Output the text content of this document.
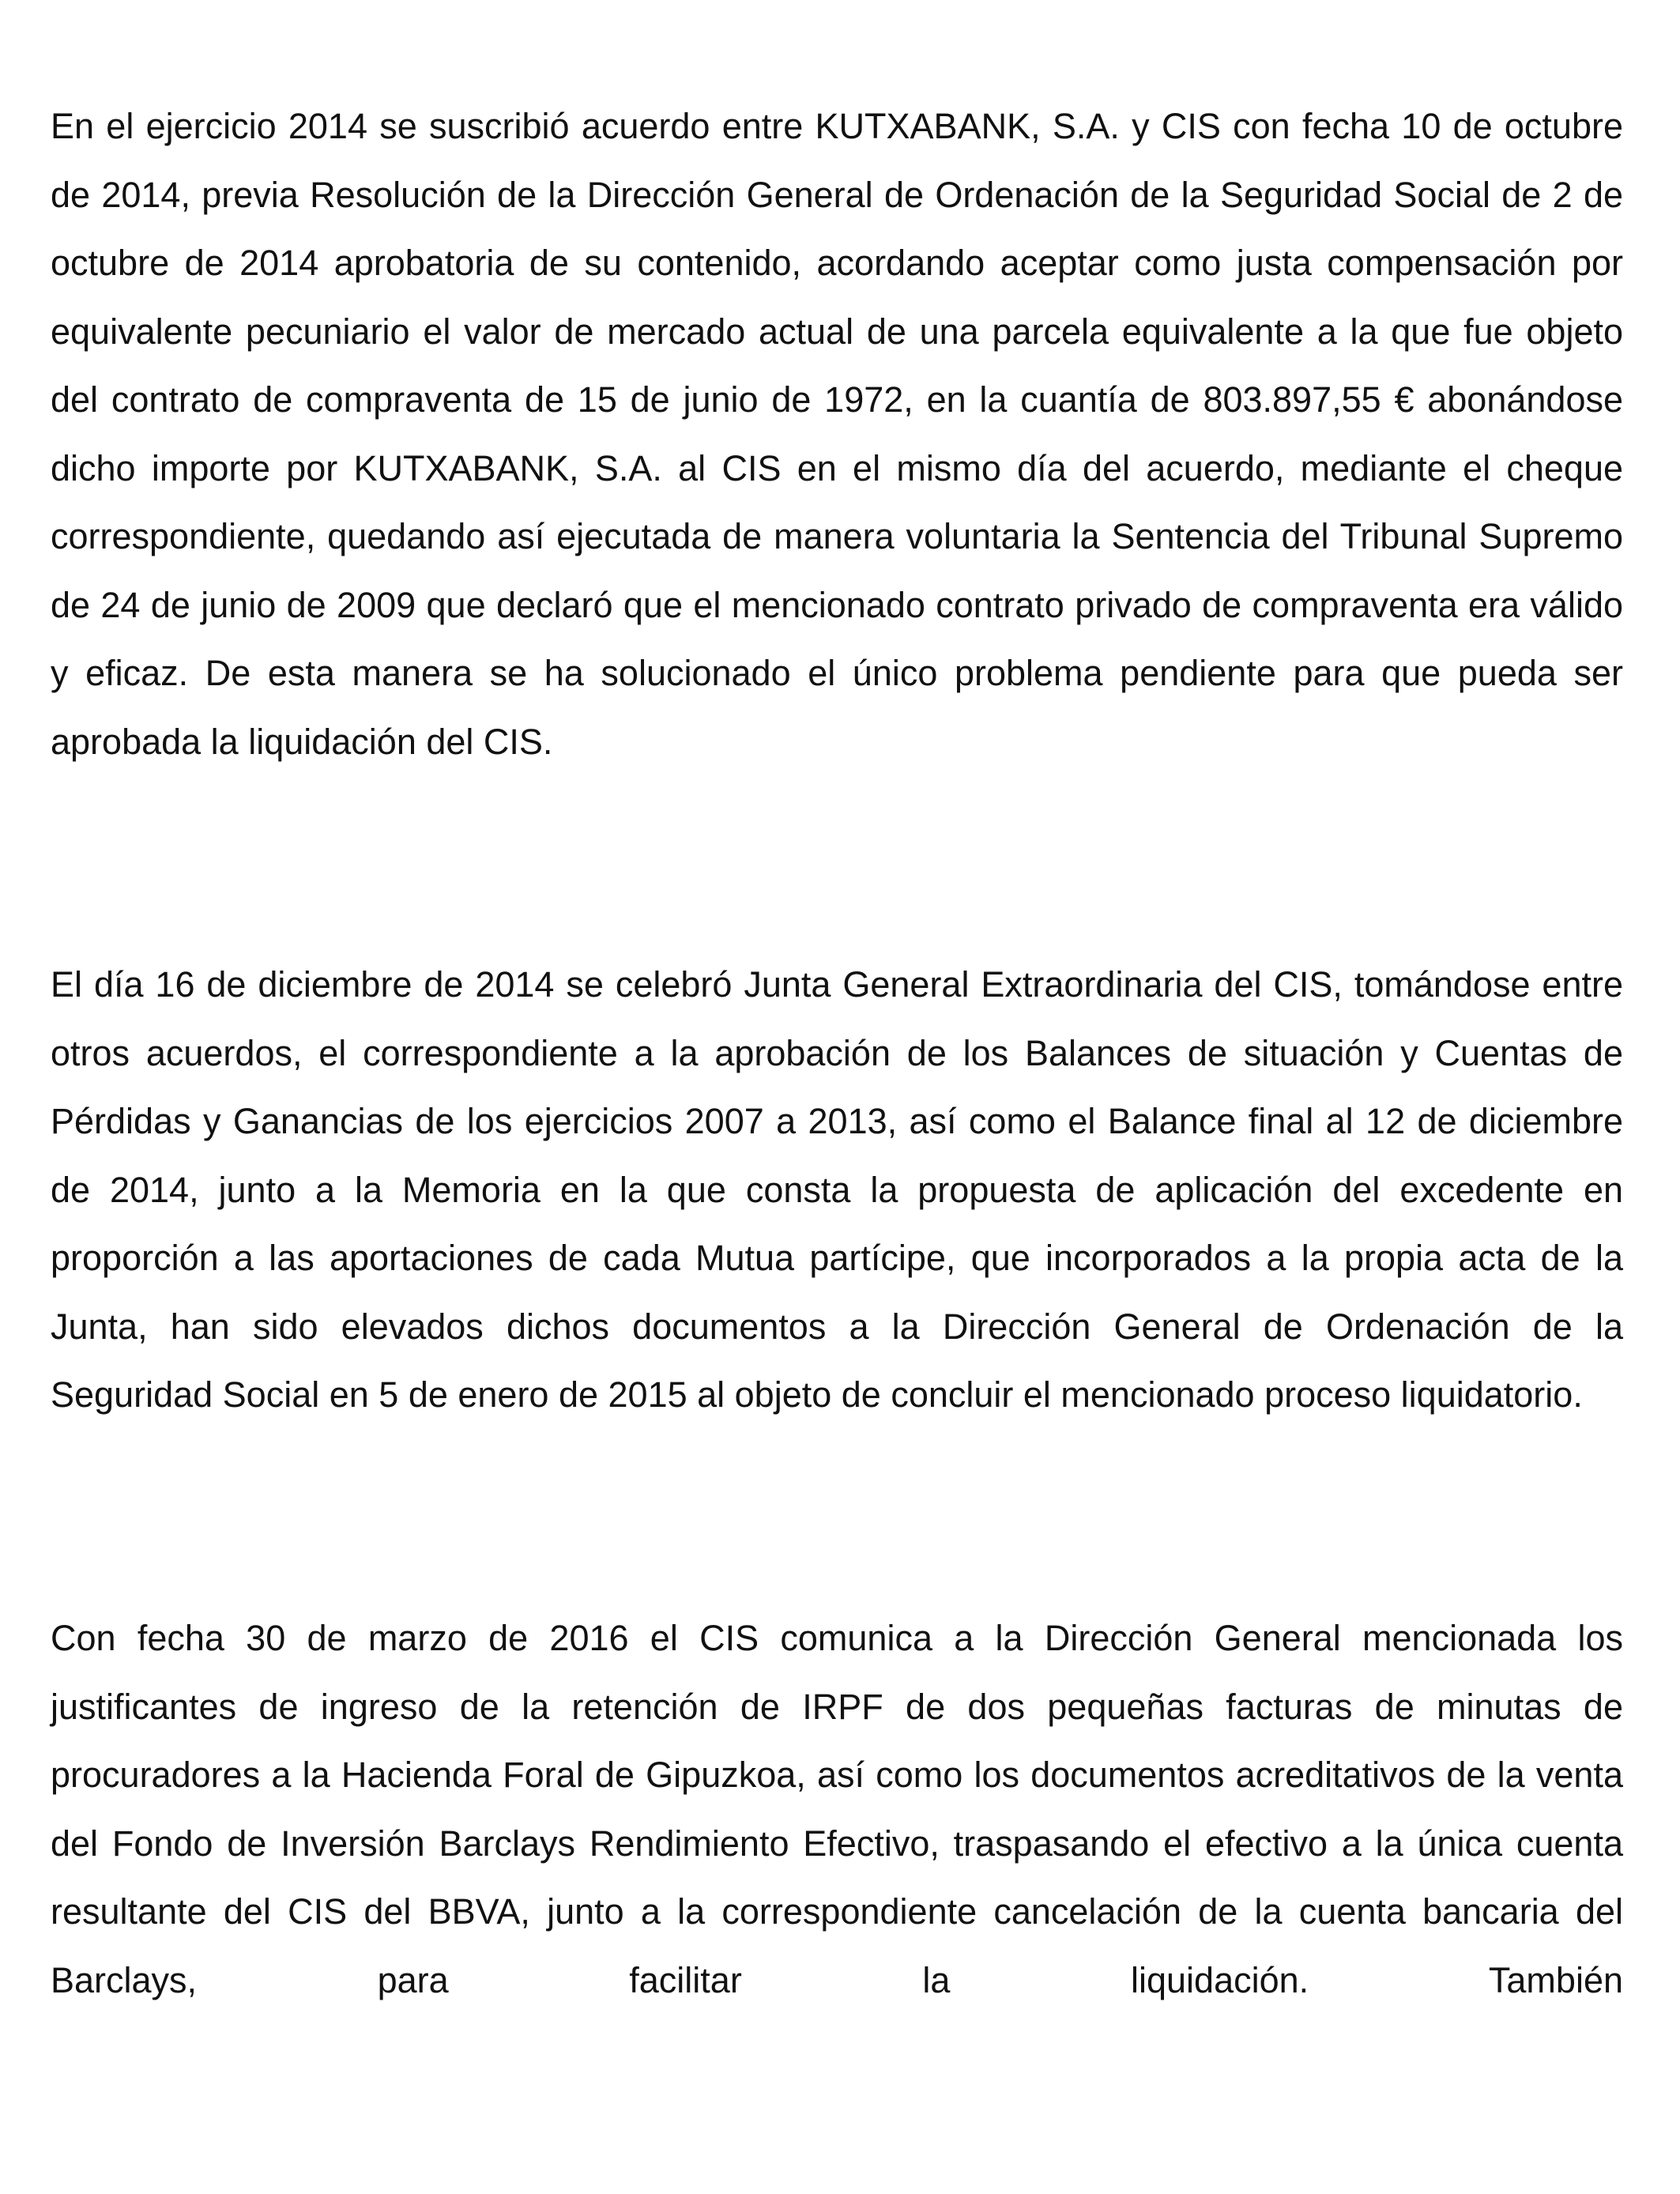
En el ejercicio 2014 se suscribió acuerdo entre KUTXABANK, S.A. y CIS con fecha 10 de octubre de 2014, previa Resolución de la Dirección General de Ordenación de la Seguridad Social de 2 de octubre de 2014 aprobatoria de su contenido, acordando aceptar como justa compensación por equivalente pecuniario el valor de mercado actual de una parcela equivalente a la que fue objeto del contrato de compraventa de 15 de junio de 1972, en la cuantía de 803.897,55 € abonándose dicho importe por KUTXABANK, S.A. al CIS en el mismo día del acuerdo, mediante el cheque correspondiente, quedando así ejecutada de manera voluntaria la Sentencia del Tribunal Supremo de 24 de junio de 2009 que declaró que el mencionado contrato privado de compraventa era válido y eficaz. De esta manera se ha solucionado el único problema pendiente para que pueda ser aprobada la liquidación del CIS.

El día 16 de diciembre de 2014 se celebró Junta General Extraordinaria del CIS, tomándose entre otros acuerdos, el correspondiente a la aprobación de los Balances de situación y Cuentas de Pérdidas y Ganancias de los ejercicios 2007 a 2013, así como el Balance final al 12 de diciembre de 2014, junto a la Memoria en la que consta la propuesta de aplicación del excedente en proporción a las aportaciones de cada Mutua partícipe, que incorporados a la propia acta de la Junta, han sido elevados dichos documentos a la Dirección General de Ordenación de la Seguridad Social en 5 de enero de 2015 al objeto de concluir el mencionado proceso liquidatorio.

Con fecha 30 de marzo de 2016 el CIS comunica a la Dirección General mencionada los justificantes de ingreso de la retención de IRPF de dos pequeñas facturas de minutas de procuradores a la Hacienda Foral de Gipuzkoa, así como los documentos acreditativos de la venta del Fondo de Inversión Barclays Rendimiento Efectivo, traspasando el efectivo a la única cuenta resultante del CIS del BBVA, junto a la correspondiente cancelación de la cuenta bancaria del Barclays, para facilitar la liquidación. También
